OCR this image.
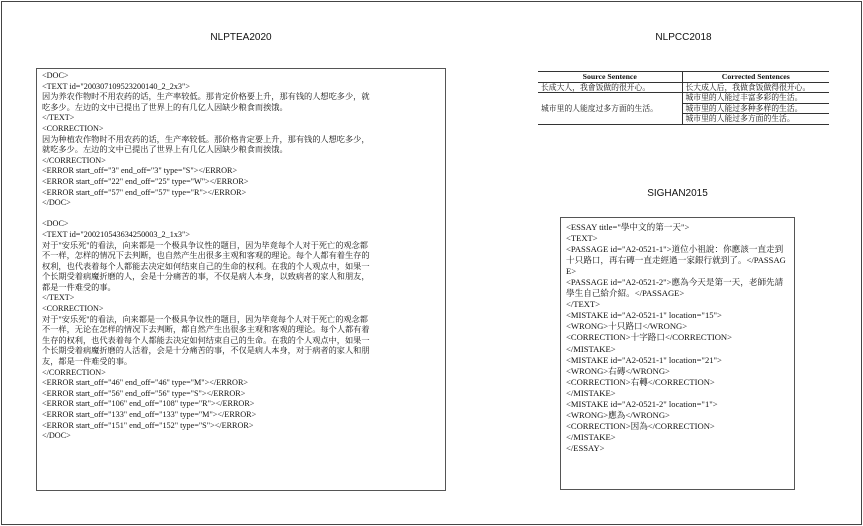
NLPTEA2020
<DOC>
<TEXT id="200307109523200140_2_2x3">
因为养农作物时不用农药的话，生产率较低。那肯定价格要上升，那有钱的人想吃多少，就
吃多少。左边的文中已提出了世界上的有几亿人因缺少粮食而挨饿。
</TEXT>
<CORRECTION>
因为种植农作物时不用农药的话，生产率较低。那价格肯定要上升，那有钱的人想吃多少，
就吃多少。左边的文中已提出了世界上有几亿人因缺少粮食而挨饿。
</CORRECTION>
<ERROR start_off="3" end_off="3" type="S"></ERROR>
<ERROR start_off="22" end_off="25" type="W"></ERROR>
<ERROR start_off="57" end_off="57" type="R"></ERROR>
</DOC>

<DOC>
<TEXT id="200210543634250003_2_1x3">
对于"安乐死"的看法，向来都是一个极具争议性的题目，因为毕竟每个人对于死亡的观念都
不一样，怎样的情况下去判断，也自然产生出很多主观和客观的理论。每个人都有着生存的
权利，也代表着每个人都能去决定如何结束自己的生命的权利。在我的个人观点中，如果一
个长期受着病魔折磨的人，会是十分痛苦的事，不仅是病人本身，以致病者的家人和朋友，
都是一件难受的事。
</TEXT>
<CORRECTION>
对于"安乐死"的看法，向来都是一个极具争议性的题目，因为毕竟每个人对于死亡的观念都
不一样，无论在怎样的情况下去判断，都自然产生出很多主观和客观的理论。每个人都有着
生存的权利，也代表着每个人都能去决定如何结束自己的生命。在我的个人观点中，如果一
个长期受着病魔折磨的人活着，会是十分痛苦的事，不仅是病人本身，对于病者的家人和朋
友，都是一件难受的事。
</CORRECTION>
<ERROR start_off="46" end_off="46" type="M"></ERROR>
<ERROR start_off="56" end_off="56" type="S"></ERROR>
<ERROR start_off="106" end_off="108" type="R"></ERROR>
<ERROR start_off="133" end_off="133" type="M"></ERROR>
<ERROR start_off="151" end_off="152" type="S"></ERROR>
</DOC>
NLPCC2018
Source Sentence	Corrected Sentences
长成大人，我會饭做的很开心。	长大成人后，我做食饭做得很开心。
城市里的人能度过多方面的生活。	城市里的人能过丰富多彩的生活。
	城市里的人能过多种多样的生活。
	城市里的人能过多方面的生活。
SIGHAN2015
<ESSAY title="學中文的第一天">
<TEXT>
<PASSAGE id="A2-0521-1">道位小祖說：你應該一直走到十只路口，再右磚一直走經過一家銀行就到了。</PASSAGE>
<PASSAGE id="A2-0521-2">應為今天是第一天，老師先請學生自己給介紹。</PASSAGE>
</TEXT>
<MISTAKE id="A2-0521-1" location="15">
<WRONG>十只路口</WRONG>
<CORRECTION>十字路口</CORRECTION>
</MISTAKE>
<MISTAKE id="A2-0521-1" location="21">
<WRONG>右磚</WRONG>
<CORRECTION>右轉</CORRECTION>
</MISTAKE>
<MISTAKE id="A2-0521-2" location="1">
<WRONG>應為</WRONG>
<CORRECTION>因為</CORRECTION>
</MISTAKE>
</ESSAY>
